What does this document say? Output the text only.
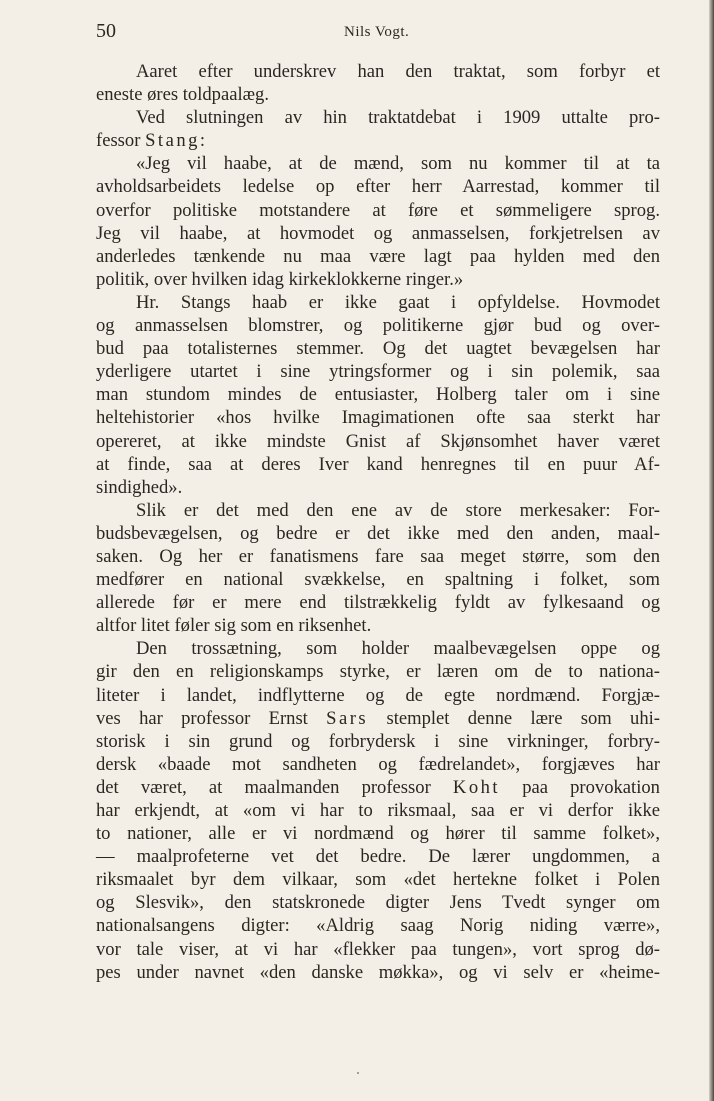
50	Nils Vogt.
Aaret efter underskrev han den traktat, som forbyr et
eneste øres toldpaalæg.
Ved slutningen av hin traktatdebat i 1909 uttalte pro-
fessor Stang:
«Jeg vil haabe, at de mænd, som nu kommer til at ta
avholdsarbeidets ledelse op efter herr Aarrestad, kommer til
overfor politiske motstandere at føre et sømmeligere sprog.
Jeg vil haabe, at hovmodet og anmasselsen, forkjetrelsen av
anderledes tænkende nu maa være lagt paa hylden med den
politik, over hvilken idag kirkeklokkerne ringer.»
Hr. Stangs haab er ikke gaat i opfyldelse. Hovmodet
og anmasselsen blomstrer, og politikerne gjør bud og over-
bud paa totalisternes stemmer. Og det uagtet bevægelsen har
yderligere utartet i sine ytringsformer og i sin polemik, saa
man stundom mindes de entusiaster, Holberg taler om i sine
heltehistorier «hos hvilke Imagimationen ofte saa sterkt har
opereret, at ikke mindste Gnist af Skjønsomhet haver været
at finde, saa at deres Iver kand henregnes til en puur Af-
sindighed».
Slik er det med den ene av de store merkesaker: For-
budsbevægelsen, og bedre er det ikke med den anden, maal-
saken. Og her er fanatismens fare saa meget større, som den
medfører en national svækkelse, en spaltning i folket, som
allerede før er mere end tilstrækkelig fyldt av fylkesaand og
altfor litet føler sig som en riksenhet.
Den trossætning, som holder maalbevægelsen oppe og
gir den en religionskamps styrke, er læren om de to nationa-
liteter i landet, indflytterne og de egte nordmænd. Forgjæ-
ves har professor Ernst Sars stemplet denne lære som uhi-
storisk i sin grund og forbrydersk i sine virkninger, forbry-
dersk «baade mot sandheten og fædrelandet», forgjæves har
det været, at maalmanden professor Koht paa provokation
har erkjendt, at «om vi har to riksmaal, saa er vi derfor ikke
to nationer, alle er vi nordmænd og hører til samme folket»,
— maalprofeterne vet det bedre. De lærer ungdommen, a
riksmaalet byr dem vilkaar, som «det hertekne folket i Polen
og Slesvik», den statskronede digter Jens Tvedt synger om
nationalsangens digter: «Aldrig saag Norig niding værre»,
vor tale viser, at vi har «flekker paa tungen», vort sprog dø-
pes under navnet «den danske møkka», og vi selv er «heime-
